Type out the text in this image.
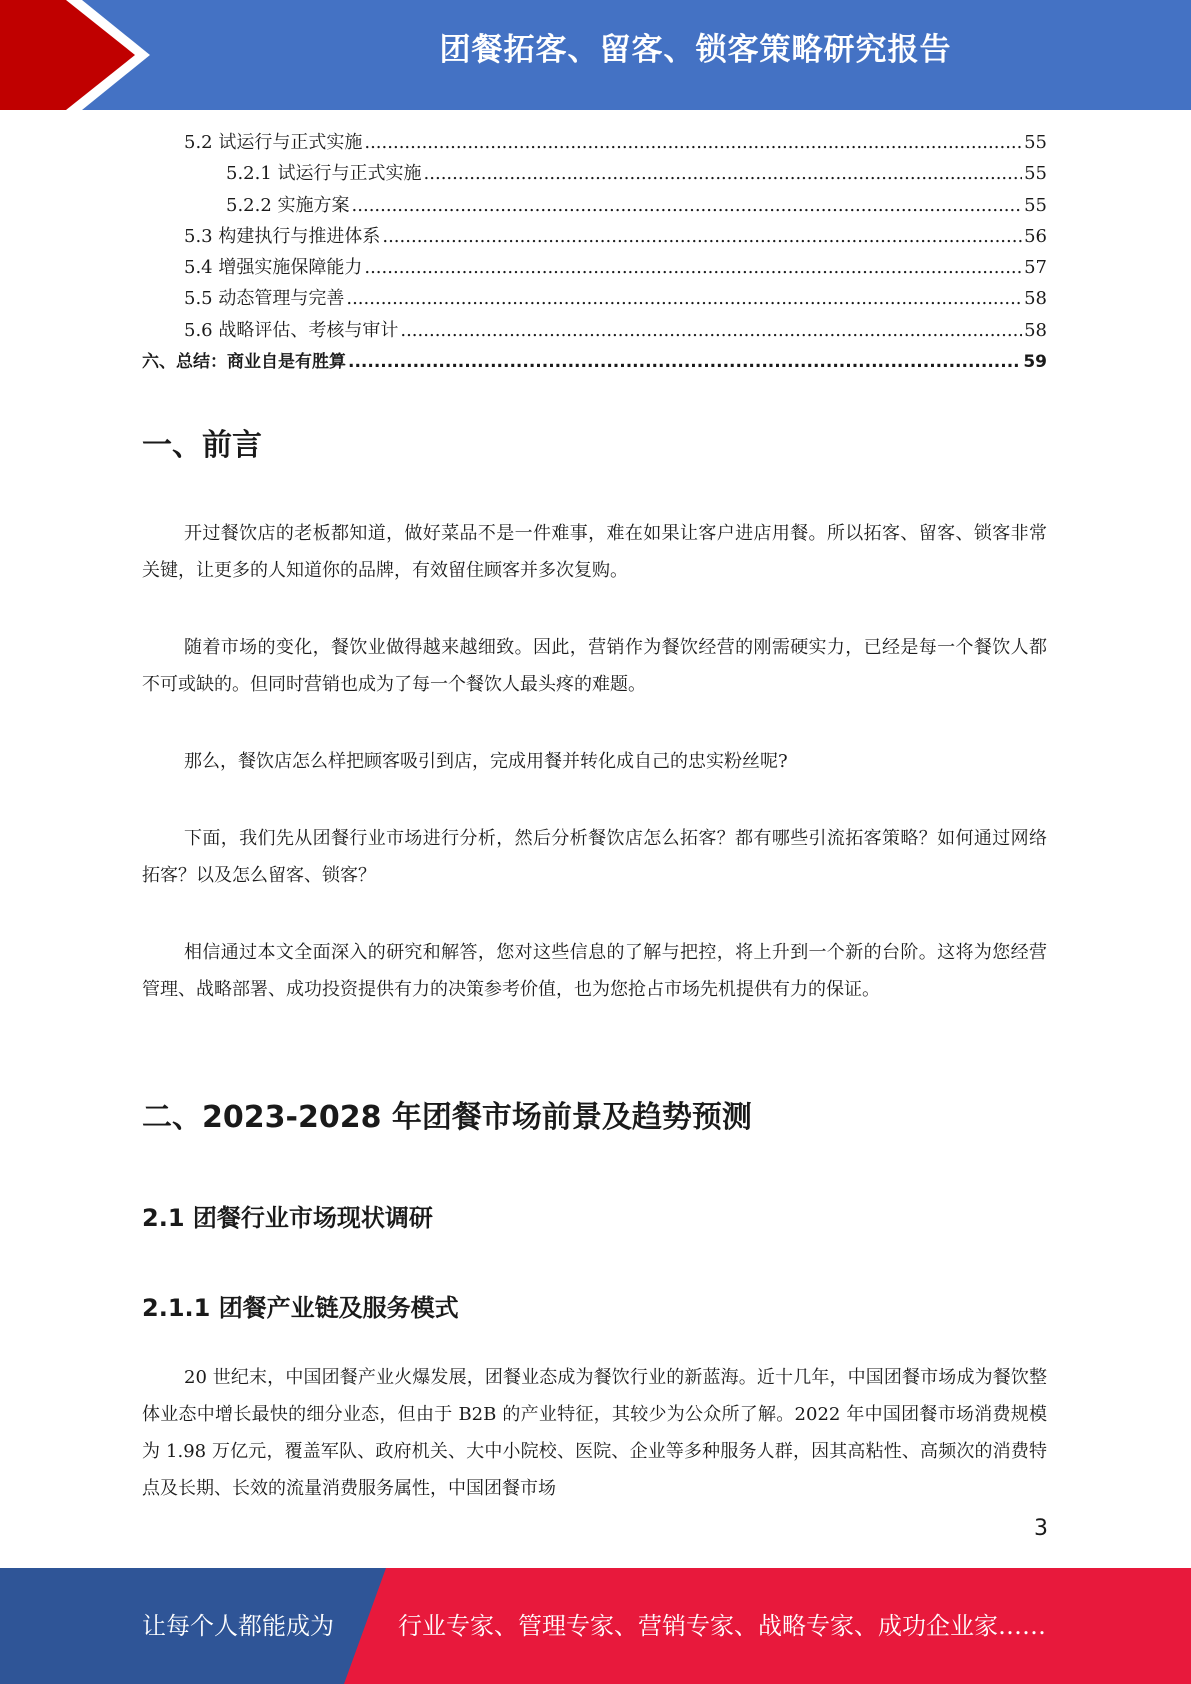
团餐拓客、留客、锁客策略研究报告
5.2 试运行与正式实施 .....	55
5.2.1 试运行与正式实施 .....	55
5.2.2 实施方案 .....	55
5.3 构建执行与推进体系 .....	56
5.4 增强实施保障能力 .....	57
5.5 动态管理与完善 .....	58
5.6 战略评估、考核与审计 .....	58
六、总结：商业自是有胜算 .....	59
一、前言

开过餐饮店的老板都知道，做好菜品不是一件难事，难在如果让客户进店用餐。所以拓客、留客、锁客非常关键，让更多的人知道你的品牌，有效留住顾客并多次复购。

随着市场的变化，餐饮业做得越来越细致。因此，营销作为餐饮经营的刚需硬实力，已经是每一个餐饮人都不可或缺的。但同时营销也成为了每一个餐饮人最头疼的难题。

那么，餐饮店怎么样把顾客吸引到店，完成用餐并转化成自己的忠实粉丝呢?

下面，我们先从团餐行业市场进行分析，然后分析餐饮店怎么拓客？都有哪些引流拓客策略？如何通过网络拓客？以及怎么留客、锁客？

相信通过本文全面深入的研究和解答，您对这些信息的了解与把控，将上升到一个新的台阶。这将为您经营管理、战略部署、成功投资提供有力的决策参考价值，也为您抢占市场先机提供有力的保证。

二、2023-2028 年团餐市场前景及趋势预测
2.1 团餐行业市场现状调研
2.1.1 团餐产业链及服务模式

20 世纪末，中国团餐产业火爆发展，团餐业态成为餐饮行业的新蓝海。近十几年，中国团餐市场成为餐饮整体业态中增长最快的细分业态，但由于 B2B 的产业特征，其较少为公众所了解。2022 年中国团餐市场消费规模为 1.98 万亿元，覆盖军队、政府机关、大中小院校、医院、企业等多种服务人群，因其高粘性、高频次的消费特点及长期、长效的流量消费服务属性，中国团餐市场

3
让每个人都能成为	行业专家、管理专家、营销专家、战略专家、成功企业家……
